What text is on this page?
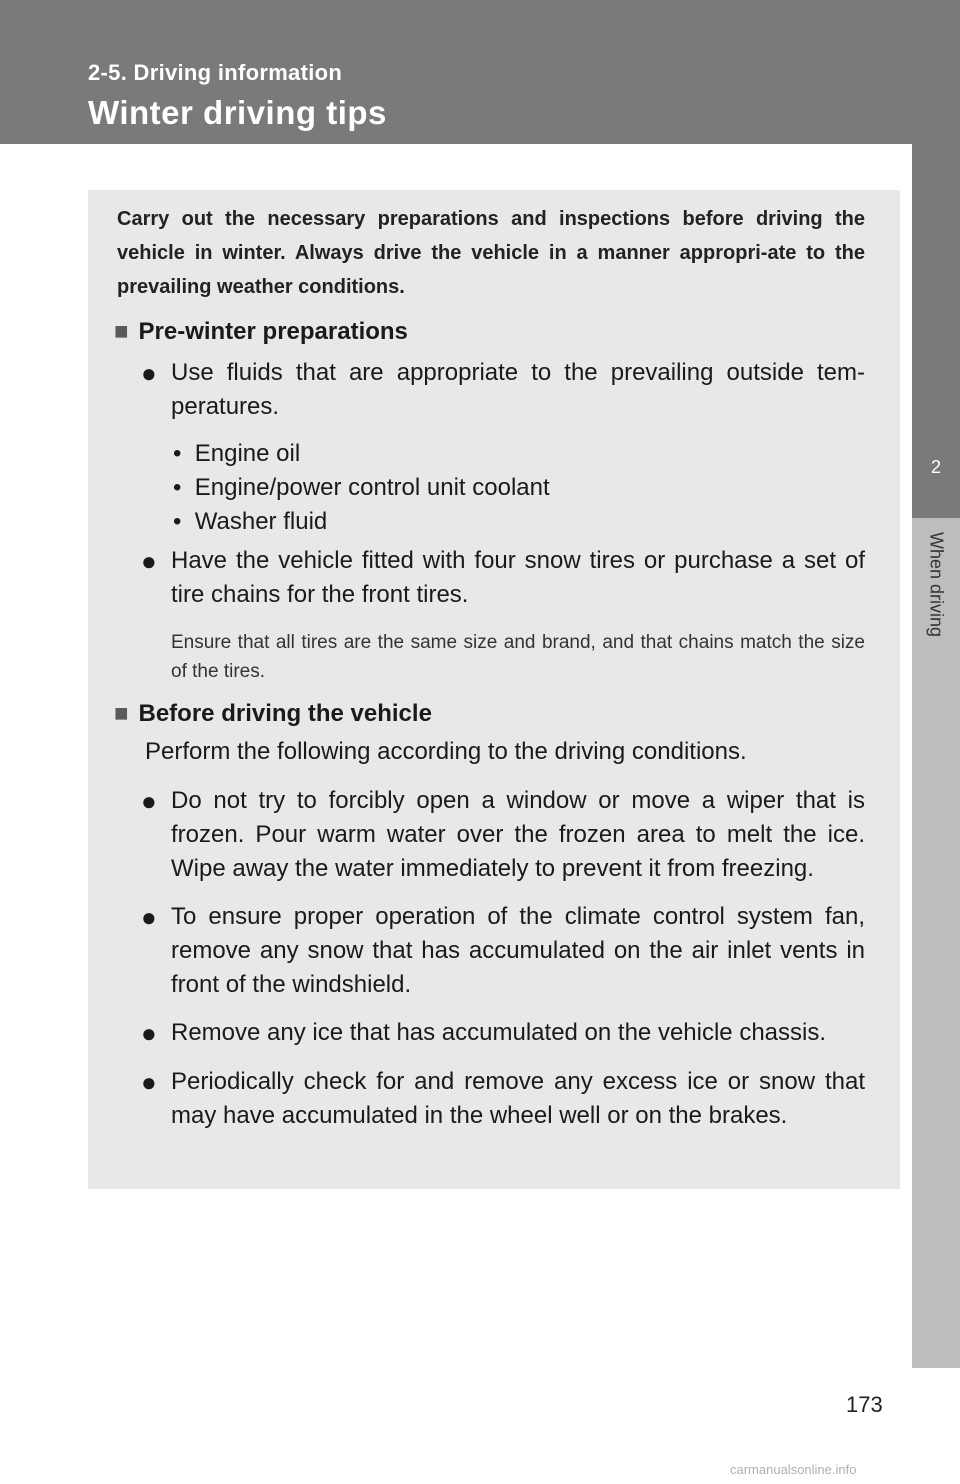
2-5. Driving information
Winter driving tips
2
When driving
Carry out the necessary preparations and inspections before driving the vehicle in winter. Always drive the vehicle in a manner appropri-ate to the prevailing weather conditions.
■ Pre-winter preparations
● Use fluids that are appropriate to the prevailing outside tem-peratures.
• Engine oil
• Engine/power control unit coolant
• Washer fluid
● Have the vehicle fitted with four snow tires or purchase a set of tire chains for the front tires.
Ensure that all tires are the same size and brand, and that chains match the size of the tires.
■ Before driving the vehicle
Perform the following according to the driving conditions.
● Do not try to forcibly open a window or move a wiper that is frozen. Pour warm water over the frozen area to melt the ice. Wipe away the water immediately to prevent it from freezing.
● To ensure proper operation of the climate control system fan, remove any snow that has accumulated on the air inlet vents in front of the windshield.
● Remove any ice that has accumulated on the vehicle chassis.
● Periodically check for and remove any excess ice or snow that may have accumulated in the wheel well or on the brakes.
173
carmanualsonline.info
